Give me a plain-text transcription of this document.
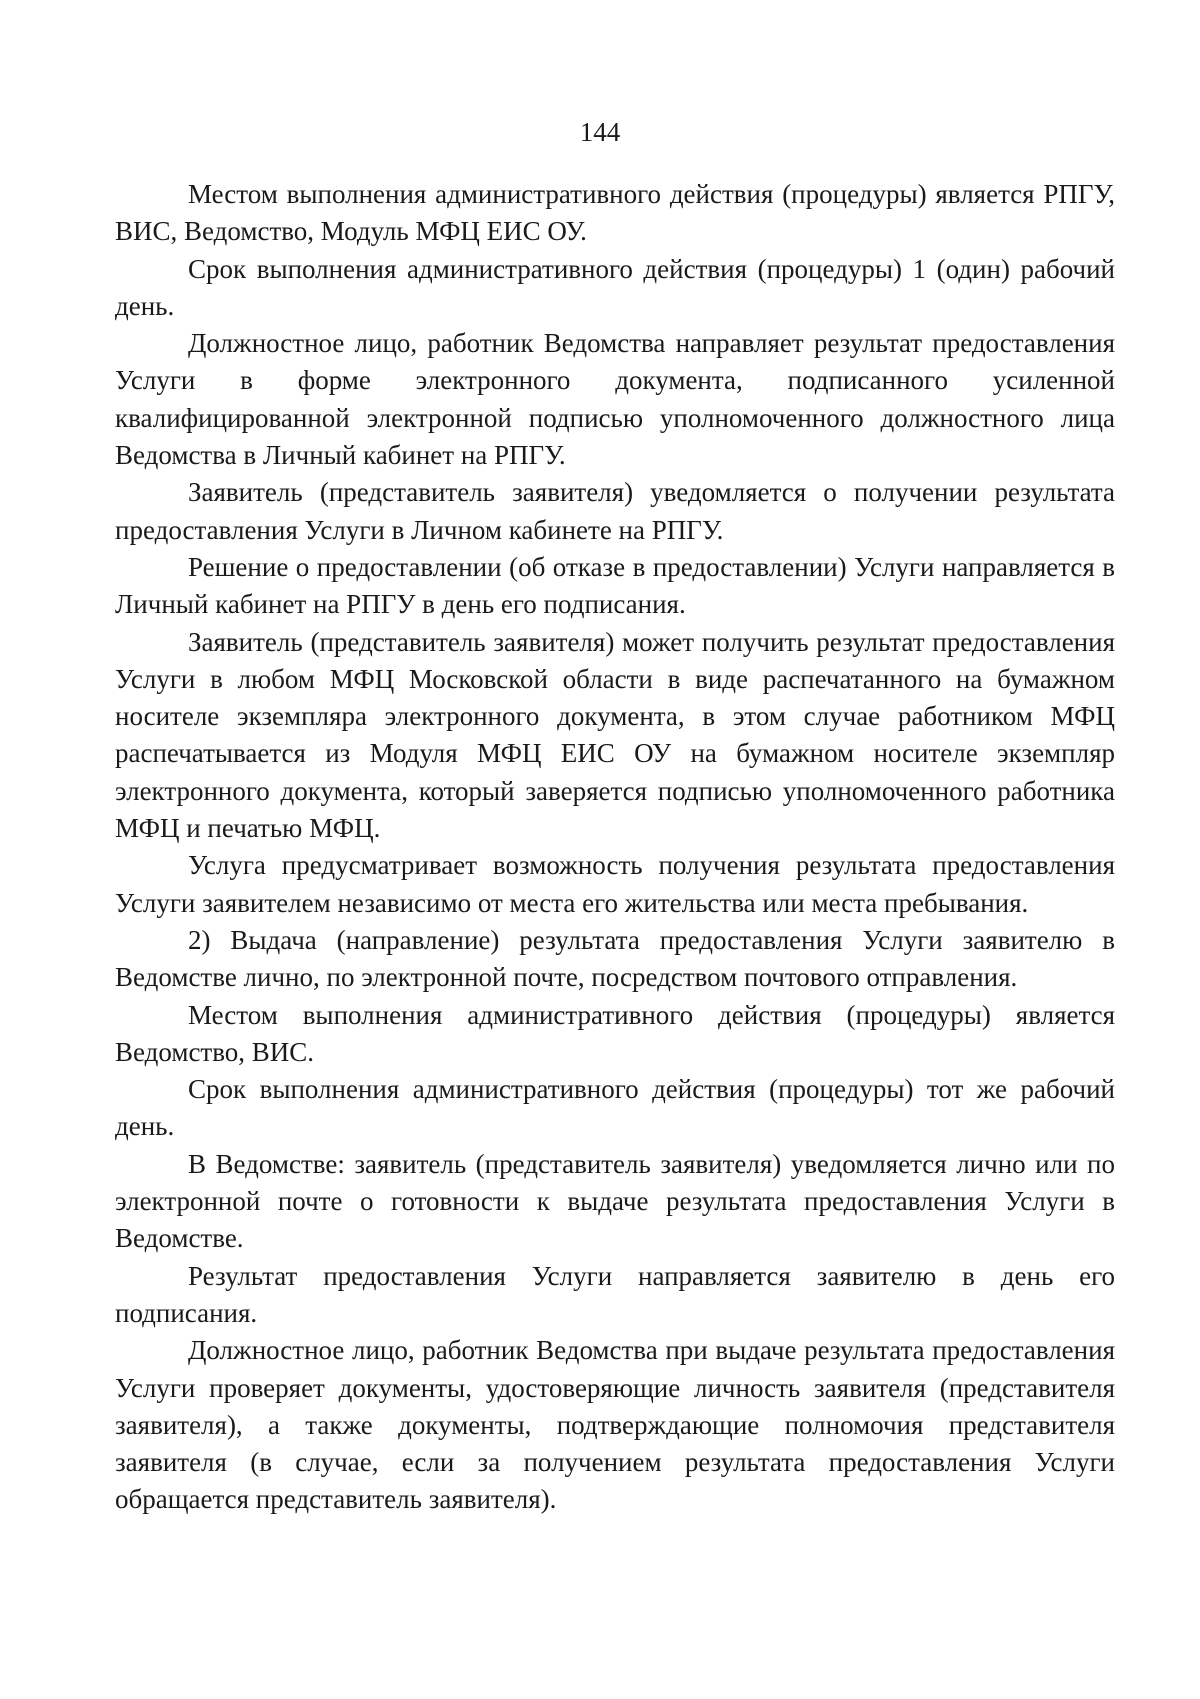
144

Местом выполнения административного действия (процедуры) является РПГУ, ВИС, Ведомство, Модуль МФЦ ЕИС ОУ.

Срок выполнения административного действия (процедуры) 1 (один) рабочий день.

Должностное лицо, работник Ведомства направляет результат предоставления Услуги в форме электронного документа, подписанного усиленной квалифицированной электронной подписью уполномоченного должностного лица Ведомства в Личный кабинет на РПГУ.

Заявитель (представитель заявителя) уведомляется о получении результата предоставления Услуги в Личном кабинете на РПГУ.

Решение о предоставлении (об отказе в предоставлении) Услуги направляется в Личный кабинет на РПГУ в день его подписания.

Заявитель (представитель заявителя) может получить результат предоставления Услуги в любом МФЦ Московской области в виде распечатанного на бумажном носителе экземпляра электронного документа, в этом случае работником МФЦ распечатывается из Модуля МФЦ ЕИС ОУ на бумажном носителе экземпляр электронного документа, который заверяется подписью уполномоченного работника МФЦ и печатью МФЦ.

Услуга предусматривает возможность получения результата предоставления Услуги заявителем независимо от места его жительства или места пребывания.

2) Выдача (направление) результата предоставления Услуги заявителю в Ведомстве лично, по электронной почте, посредством почтового отправления.

Местом выполнения административного действия (процедуры) является Ведомство, ВИС.

Срок выполнения административного действия (процедуры) тот же рабочий день.

В Ведомстве: заявитель (представитель заявителя) уведомляется лично или по электронной почте о готовности к выдаче результата предоставления Услуги в Ведомстве.

Результат предоставления Услуги направляется заявителю в день его подписания.

Должностное лицо, работник Ведомства при выдаче результата предоставления Услуги проверяет документы, удостоверяющие личность заявителя (представителя заявителя), а также документы, подтверждающие полномочия представителя заявителя (в случае, если за получением результата предоставления Услуги обращается представитель заявителя).
